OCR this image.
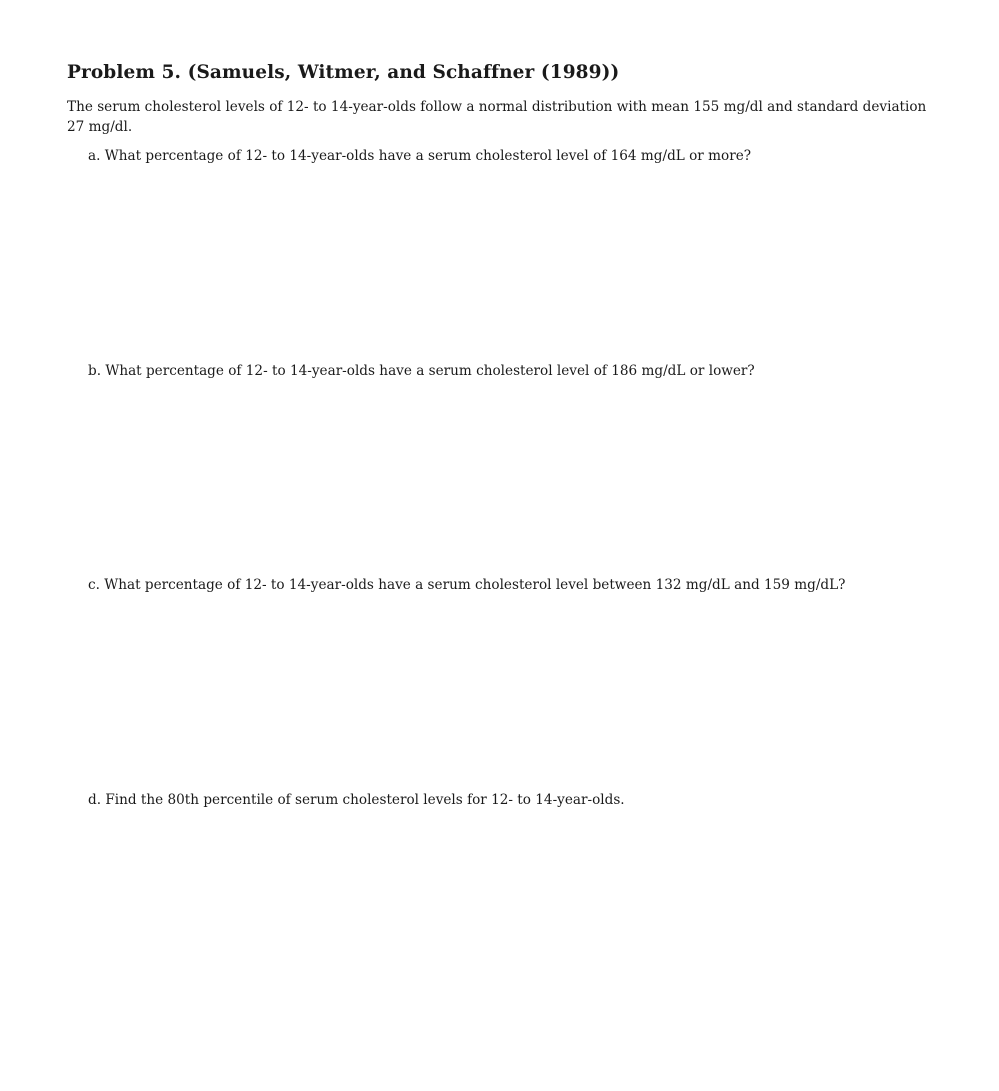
Problem 5. (Samuels, Witmer, and Schaffner (1989))
The serum cholesterol levels of 12- to 14-year-olds follow a normal distribution with mean 155 mg/dl and standard deviation 27 mg/dl.
a. What percentage of 12- to 14-year-olds have a serum cholesterol level of 164 mg/dL or more?
b. What percentage of 12- to 14-year-olds have a serum cholesterol level of 186 mg/dL or lower?
c. What percentage of 12- to 14-year-olds have a serum cholesterol level between 132 mg/dL and 159 mg/dL?
d. Find the 80th percentile of serum cholesterol levels for 12- to 14-year-olds.
